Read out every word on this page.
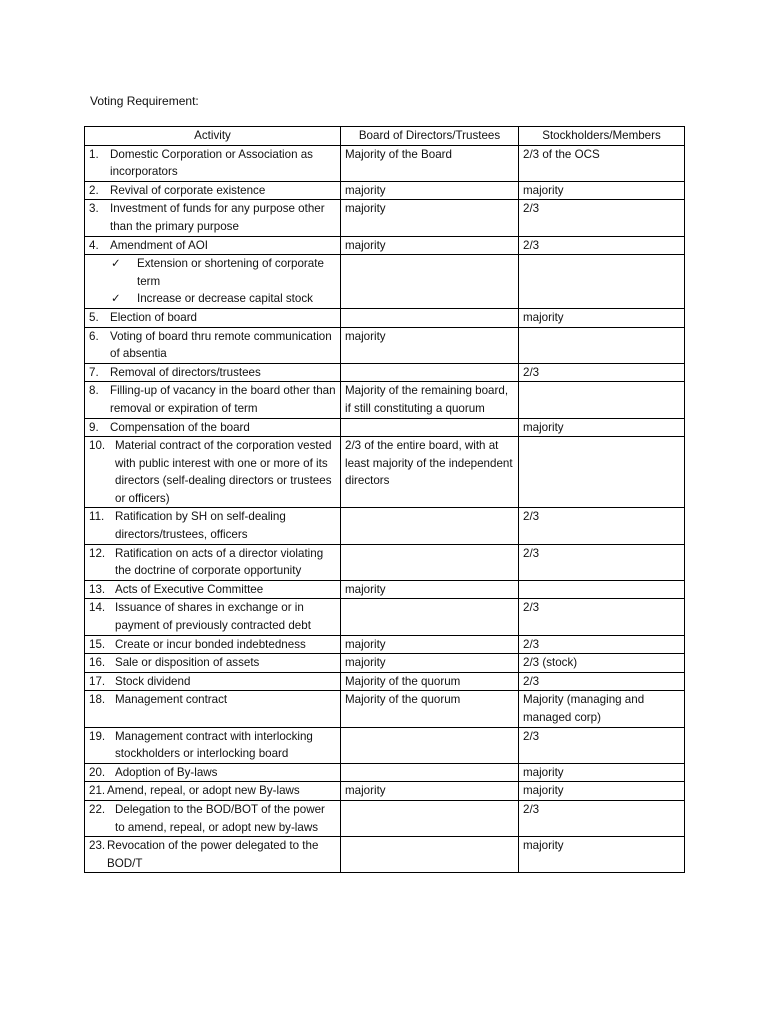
Voting Requirement:
Activity	Board of Directors/Trustees	Stockholders/Members

1. Domestic Corporation or Association as incorporators	Majority of the Board	2/3 of the OCS

2. Revival of corporate existence	majority	majority

3. Investment of funds for any purpose other than the primary purpose	majority	2/3

4. Amendment of AOI	majority	2/3

✓ Extension or shortening of corporate term
✓ Increase or decrease capital stock		

5. Election of board		majority

6. Voting of board thru remote communication of absentia	majority	

7. Removal of directors/trustees		2/3

8. Filling-up of vacancy in the board other than removal or expiration of term	Majority of the remaining board, if still constituting a quorum	

9. Compensation of the board		majority

10. Material contract of the corporation vested with public interest with one or more of its directors (self-dealing directors or trustees or officers)	2/3 of the entire board, with at least majority of the independent directors	

11. Ratification by SH on self-dealing directors/trustees, officers		2/3

12. Ratification on acts of a director violating the doctrine of corporate opportunity		2/3

13. Acts of Executive Committee	majority	

14. Issuance of shares in exchange or in payment of previously contracted debt		2/3

15. Create or incur bonded indebtedness	majority	2/3

16. Sale or disposition of assets	majority	2/3 (stock)

17. Stock dividend	Majority of the quorum	2/3

18. Management contract	Majority of the quorum	Majority (managing and managed corp)

19. Management contract with interlocking stockholders or interlocking board		2/3

20. Adoption of By-laws		majority

21. Amend, repeal, or adopt new By-laws	majority	majority

22. Delegation to the BOD/BOT of the power to amend, repeal, or adopt new by-laws		2/3

23. Revocation of the power delegated to the BOD/T		majority
